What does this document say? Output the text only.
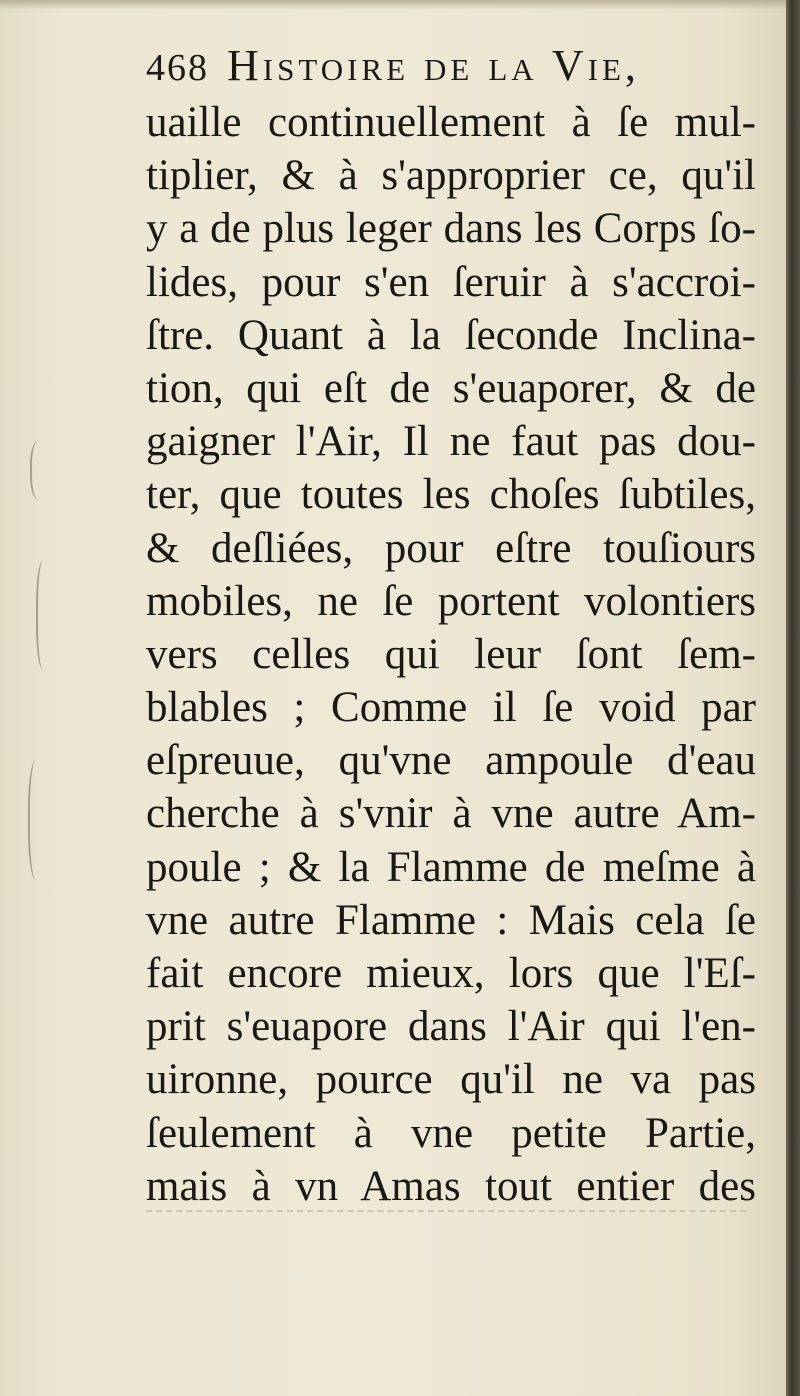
468 Histoire de la Vie,
uaille continuellement à ſe mul-
tiplier, & à s'approprier ce, qu'il
y a de plus leger dans les Corps ſo-
lides, pour s'en ſeruir à s'accroi-
ſtre. Quant à la ſeconde Inclina-
tion, qui eſt de s'euaporer, & de
gaigner l'Air, Il ne faut pas dou-
ter, que toutes les choſes ſubtiles,
& deſliées, pour eſtre touſiours
mobiles, ne ſe portent volontiers
vers celles qui leur ſont ſem-
blables ; Comme il ſe void par
eſpreuue, qu'vne ampoule d'eau
cherche à s'vnir à vne autre Am-
poule ; & la Flamme de meſme à
vne autre Flamme : Mais cela ſe
fait encore mieux, lors que l'Eſ-
prit s'euapore dans l'Air qui l'en-
uironne, pource qu'il ne va pas
ſeulement à vne petite Partie,
mais à vn Amas tout entier des
